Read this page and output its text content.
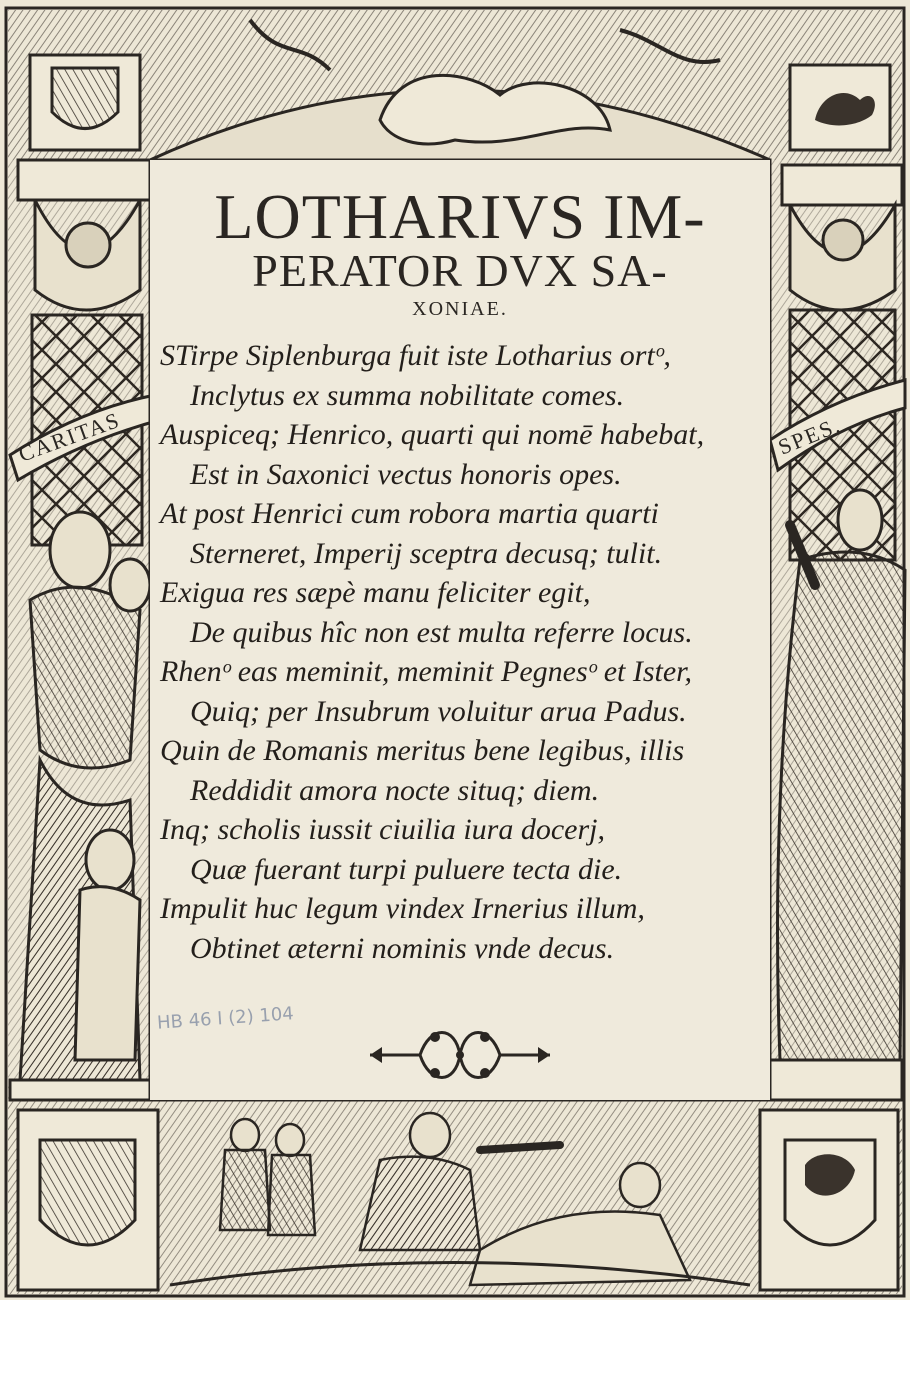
CARITAS	SPES.
LOTHARIVS IM-
PERATOR DVX SA-
XONIAE.
STirpe Siplenburga fuit iste Lotharius ortᵒ,
Inclytus ex summa nobilitate comes.
Auspiceq; Henrico, quarti qui nomē habebat,
Est in Saxonici vectus honoris opes.
At post Henrici cum robora martia quarti
Sterneret, Imperij sceptra decusq; tulit.
Exigua res sæpè manu feliciter egit,
De quibus hîc non est multa referre locus.
Rhenᵒ eas meminit, meminit Pegnesᵒ et Ister,
Quiq; per Insubrum voluitur arua Padus.
Quin de Romanis meritus bene legibus, illis
Reddidit amora nocte situq; diem.
Inq; scholis iussit ciuilia iura docerj,
Quæ fuerant turpi puluere tecta die.
Impulit huc legum vindex Irnerius illum,
Obtinet æterni nominis vnde decus.
HB 46 I (2) 104
